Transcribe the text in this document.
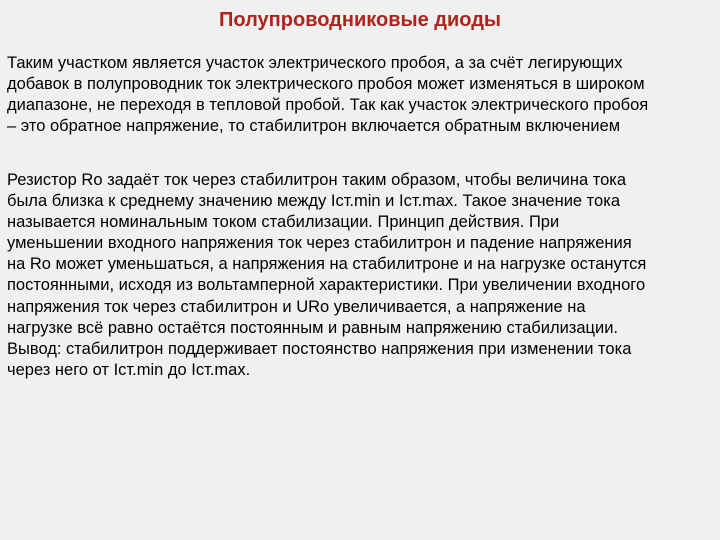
Полупроводниковые диоды
Таким участком является участок электрического пробоя, а за счёт легирующих
добавок в полупроводник ток электрического пробоя может изменяться в широком
диапазоне, не переходя в тепловой пробой. Так как участок электрического пробоя
– это обратное напряжение, то стабилитрон включается обратным включением
Резистор Ro задаёт ток через стабилитрон таким образом, чтобы величина тока
была близка к среднему значению между Iст.min и Iст.max. Такое значение тока
называется номинальным током стабилизации. Принцип действия. При
уменьшении входного напряжения ток через стабилитрон и падение напряжения
на Ro может уменьшаться, а напряжения на стабилитроне и на нагрузке останутся
постоянными, исходя из вольтамперной характеристики. При увеличении входного
напряжения ток через стабилитрон и URo увеличивается, а напряжение на
нагрузке всё равно остаётся постоянным и равным напряжению стабилизации.
Вывод: стабилитрон поддерживает постоянство напряжения при изменении тока
через него от Iст.min до Iст.max.
